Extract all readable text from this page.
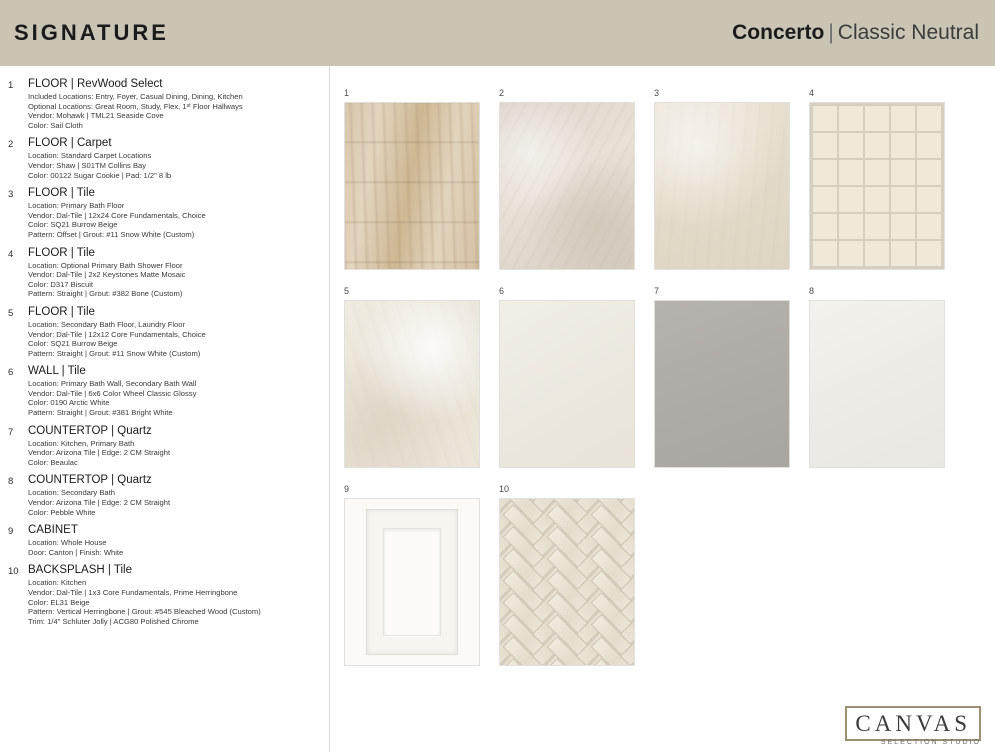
SIGNATURE	Concerto | Classic Neutral
1	FLOOR | RevWood Select
Included Locations: Entry, Foyer, Casual Dining, Dining, Kitchen
Optional Locations: Great Room, Study, Flex, 1ˢᵗ Floor Hallways
Vendor: Mohawk | TML21 Seaside Cove
Color: Sail Cloth
2	FLOOR | Carpet
Location: Standard Carpet Locations
Vendor: Shaw | S01TM Collins Bay
Color: 00122 Sugar Cookie | Pad: 1/2" 8 lb
3	FLOOR | Tile
Location: Primary Bath Floor
Vendor: Dal-Tile | 12x24 Core Fundamentals, Choice
Color: SQ21 Burrow Beige
Pattern: Offset | Grout: #11 Snow White (Custom)
4	FLOOR | Tile
Location: Optional Primary Bath Shower Floor
Vendor: Dal-Tile | 2x2 Keystones Matte Mosaic
Color: D317 Biscuit
Pattern: Straight | Grout: #382 Bone (Custom)
5	FLOOR | Tile
Location: Secondary Bath Floor, Laundry Floor
Vendor: Dal-Tile | 12x12 Core Fundamentals, Choice
Color: SQ21 Burrow Beige
Pattern: Straight | Grout: #11 Snow White (Custom)
6	WALL | Tile
Location: Primary Bath Wall, Secondary Bath Wall
Vendor: Dal-Tile | 6x6 Color Wheel Classic Glossy
Color: 0190 Arctic White
Pattern: Straight | Grout: #381 Bright White
7	COUNTERTOP | Quartz
Location: Kitchen, Primary Bath
Vendor: Arizona Tile | Edge: 2 CM Straight
Color: Beaulac
8	COUNTERTOP | Quartz
Location: Secondary Bath
Vendor: Arizona Tile | Edge: 2 CM Straight
Color: Pebble White
9	CABINET
Location: Whole House
Door: Canton | Finish: White
10 BACKSPLASH | Tile
Location: Kitchen
Vendor: Dal-Tile | 1x3 Core Fundamentals, Prime Herringbone
Color: EL31 Beige
Pattern: Vertical Herringbone | Grout: #545 Bleached Wood (Custom)
Trim: 1/4" Schluter Jolly | ACG80 Polished Chrome
1	2	3	4
5	6	7	8
9	10
CANVAS
SELECTION STUDIO
